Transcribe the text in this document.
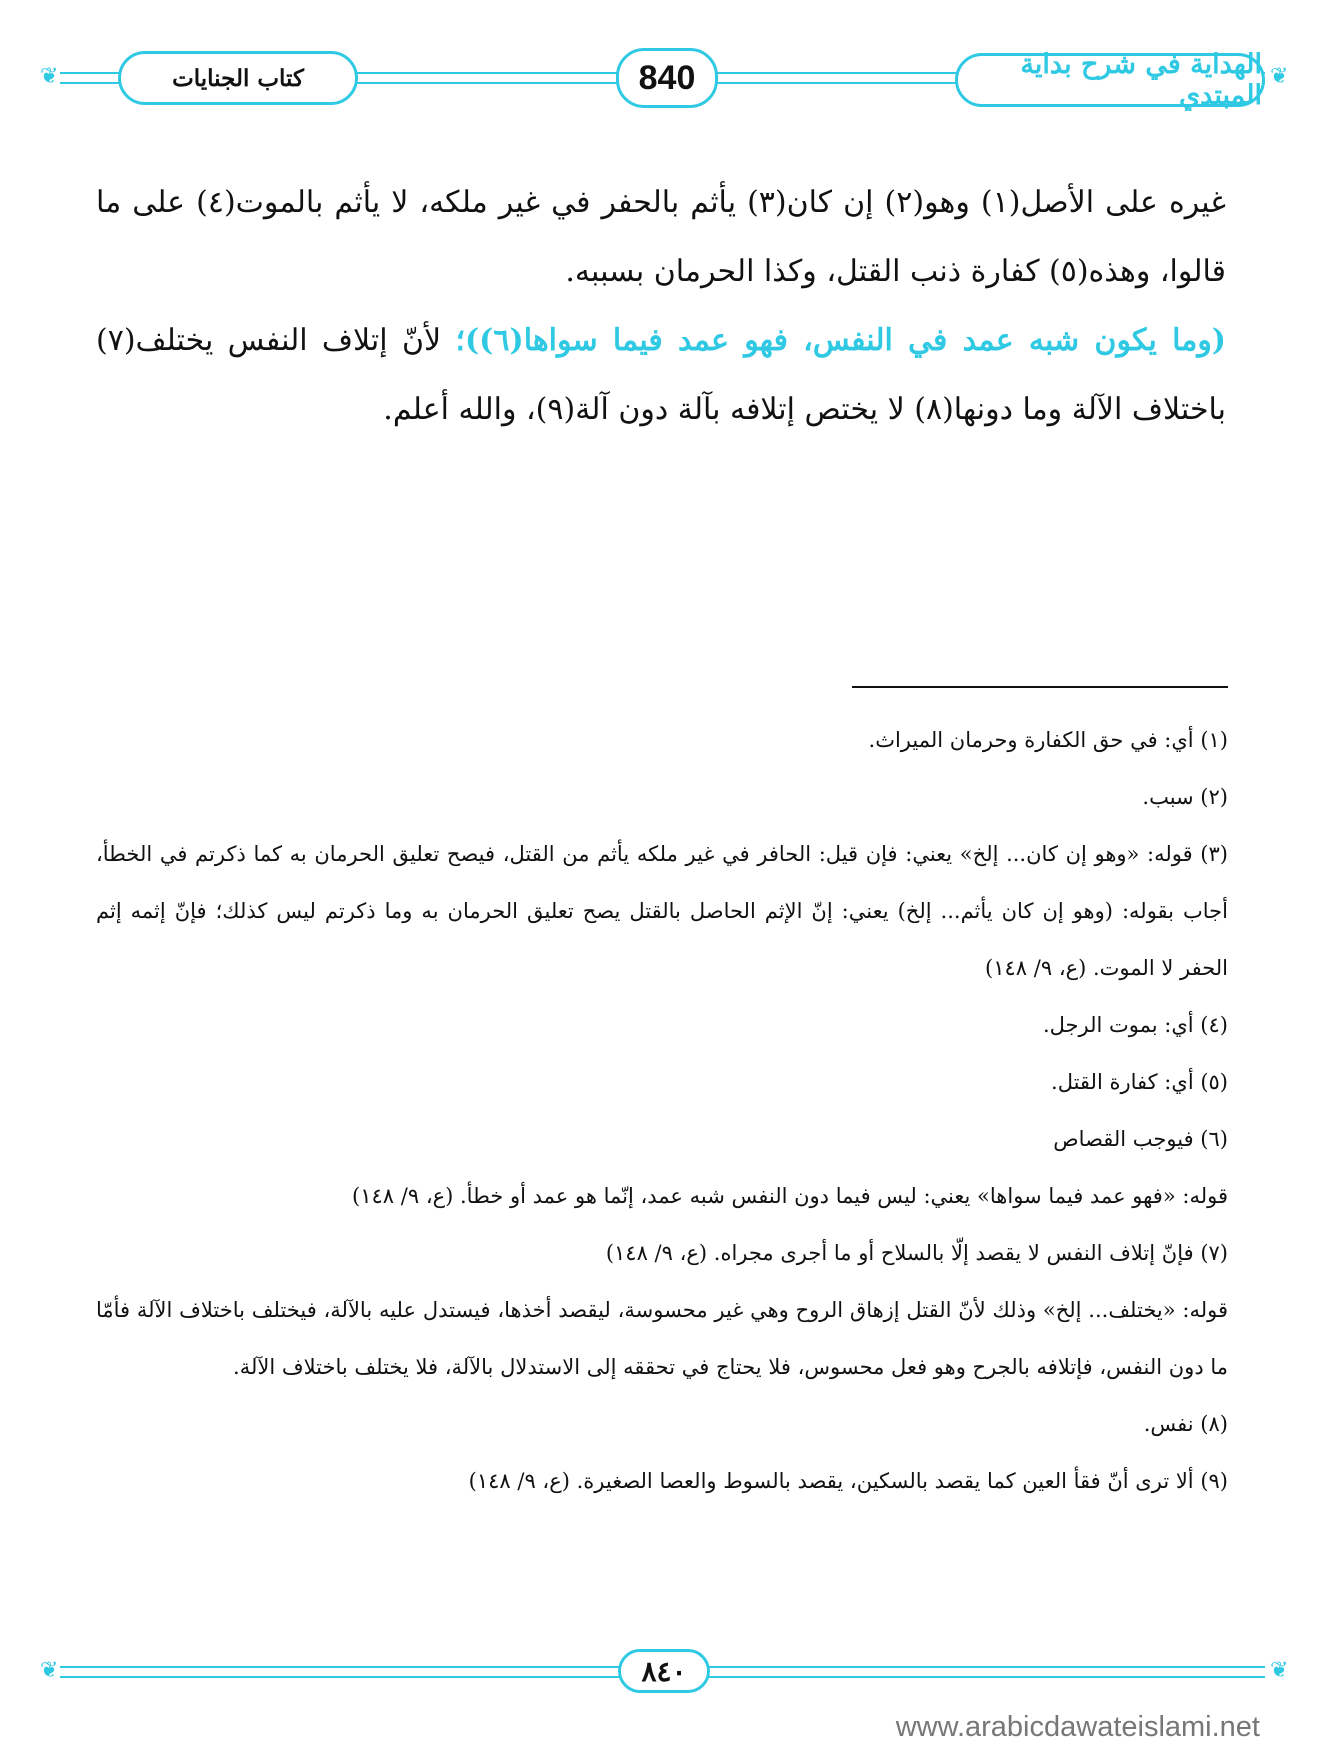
❦	❦
الهداية في شرح بداية المبتدي
840
كتاب الجنايات

غيره على الأصل(١) وهو(٢) إن كان(٣) يأثم بالحفر في غير ملكه، لا يأثم بالموت(٤) على ما قالوا، وهذه(٥) كفارة ذنب القتل، وكذا الحرمان بسببه.

(وما يكون شبه عمد في النفس، فهو عمد فيما سواها(٦))؛ لأنّ إتلاف النفس يختلف(٧) باختلاف الآلة وما دونها(٨) لا يختص إتلافه بآلة دون آلة(٩)، والله أعلم.

(١) أي: في حق الكفارة وحرمان الميراث.

(٢) سبب.

(٣) قوله: «وهو إن كان... إلخ» يعني: فإن قيل: الحافر في غير ملكه يأثم من القتل، فيصح تعليق الحرمان به كما ذكرتم في الخطأ، أجاب بقوله: (وهو إن كان يأثم... إلخ) يعني: إنّ الإثم الحاصل بالقتل يصح تعليق الحرمان به وما ذكرتم ليس كذلك؛ فإنّ إثمه إثم الحفر لا الموت. (ع، ٩/ ١٤٨)

(٤) أي: بموت الرجل.

(٥) أي: كفارة القتل.

(٦) فيوجب القصاص

قوله: «فهو عمد فيما سواها» يعني: ليس فيما دون النفس شبه عمد، إنّما هو عمد أو خطأ. (ع، ٩/ ١٤٨)

(٧) فإنّ إتلاف النفس لا يقصد إلّا بالسلاح أو ما أجرى مجراه. (ع، ٩/ ١٤٨)

قوله: «يختلف... إلخ» وذلك لأنّ القتل إزهاق الروح وهي غير محسوسة، ليقصد أخذها، فيستدل عليه بالآلة، فيختلف باختلاف الآلة فأمّا ما دون النفس، فإتلافه بالجرح وهو فعل محسوس، فلا يحتاج في تحققه إلى الاستدلال بالآلة، فلا يختلف باختلاف الآلة.

(٨) نفس.

(٩) ألا ترى أنّ فقأ العين كما يقصد بالسكين، يقصد بالسوط والعصا الصغيرة. (ع، ٩/ ١٤٨)

❦	❦
٨٤٠
www.arabicdawateislami.net
